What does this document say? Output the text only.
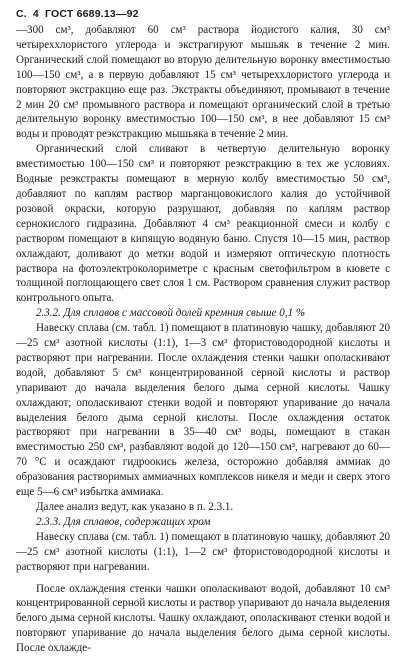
С. 4 ГОСТ 6689.13—92

—300 см³, добавляют 60 см³ раствора йодистого калия, 30 см³ четыреххлористого углерода и экстрагируют мышьяк в течение 2 мин. Органический слой помещают во вторую делительную воронку вместимостью 100—150 см³, а в первую добавляют 15 см³ четыреххлористого углерода и повторяют экстракцию еще раз. Экстракты объединяют, промывают в течение 2 мин 20 см³ промывного раствора и помещают органический слой в третью делительную воронку вместимостью 100—150 см³, в нее добавляют 15 см³ воды и проводят реэкстракцию мышьяка в течение 2 мин.

Органический слой сливают в четвертую делительную воронку вместимостью 100—150 см³ и повторяют реэкстракцию в тех же условиях. Водные реэкстракты помещают в мерную колбу вместимостью 50 см³, добавляют по каплям раствор марганцовокислого калия до устойчивой розовой окраски, которую разрушают, добавляя по каплям раствор сернокислого гидразина. Добавляют 4 см³ реакционной смеси и колбу с раствором помещают в кипящую водяную баню. Спустя 10—15 мин, раствор охлаждают, доливают до метки водой и измеряют оптическую плотность раствора на фотоэлектроколориметре с красным светофильтром в кювете с толщиной поглощающего свет слоя 1 см. Раствором сравнения служит раствор контрольного опыта.

2.3.2. Для сплавов с массовой долей кремния свыше 0,1 %

Навеску сплава (см. табл. 1) помещают в платиновую чашку, добавляют 20—25 см³ азотной кислоты (1:1), 1—3 см³ фтористоводородной кислоты и растворяют при нагревании. После охлаждения стенки чашки ополаскивают водой, добавляют 5 см³ концентрированной серной кислоты и раствор упаривают до начала выделения белого дыма серной кислоты. Чашку охлаждают; ополаскивают стенки водой и повторяют упаривание до начала выделения белого дыма серной кислоты. После охлаждения остаток растворяют при нагревании в 35—40 см³ воды, помещают в стакан вместимостью 250 см³, разбавляют водой до 120—150 см³, нагревают до 60—70 °С и осаждают гидроокись железа, осторожно добавляя аммиак до образования растворимых аммиачных комплексов никеля и меди и сверх этого еще 5—6 см³ избытка аммиака.

Далее анализ ведут, как указано в п. 2.3.1.

2.3.3. Для сплавов, содержащих хром

Навеску сплава (см. табл. 1) помещают в платиновую чашку, добавляют 20—25 см³ азотной кислоты (1:1), 1—2 см³ фтористоводородной кислоты и растворяют при нагревании.

После охлаждения стенки чашки ополаскивают водой, добавляют 10 см³ концентрированной серной кислоты и раствор упаривают до начала выделения белого дыма серной кислоты. Чашку охлаждают, ополаскивают стенки водой и повторяют упаривание до начала выделения белого дыма серной кислоты. После охлажде-
